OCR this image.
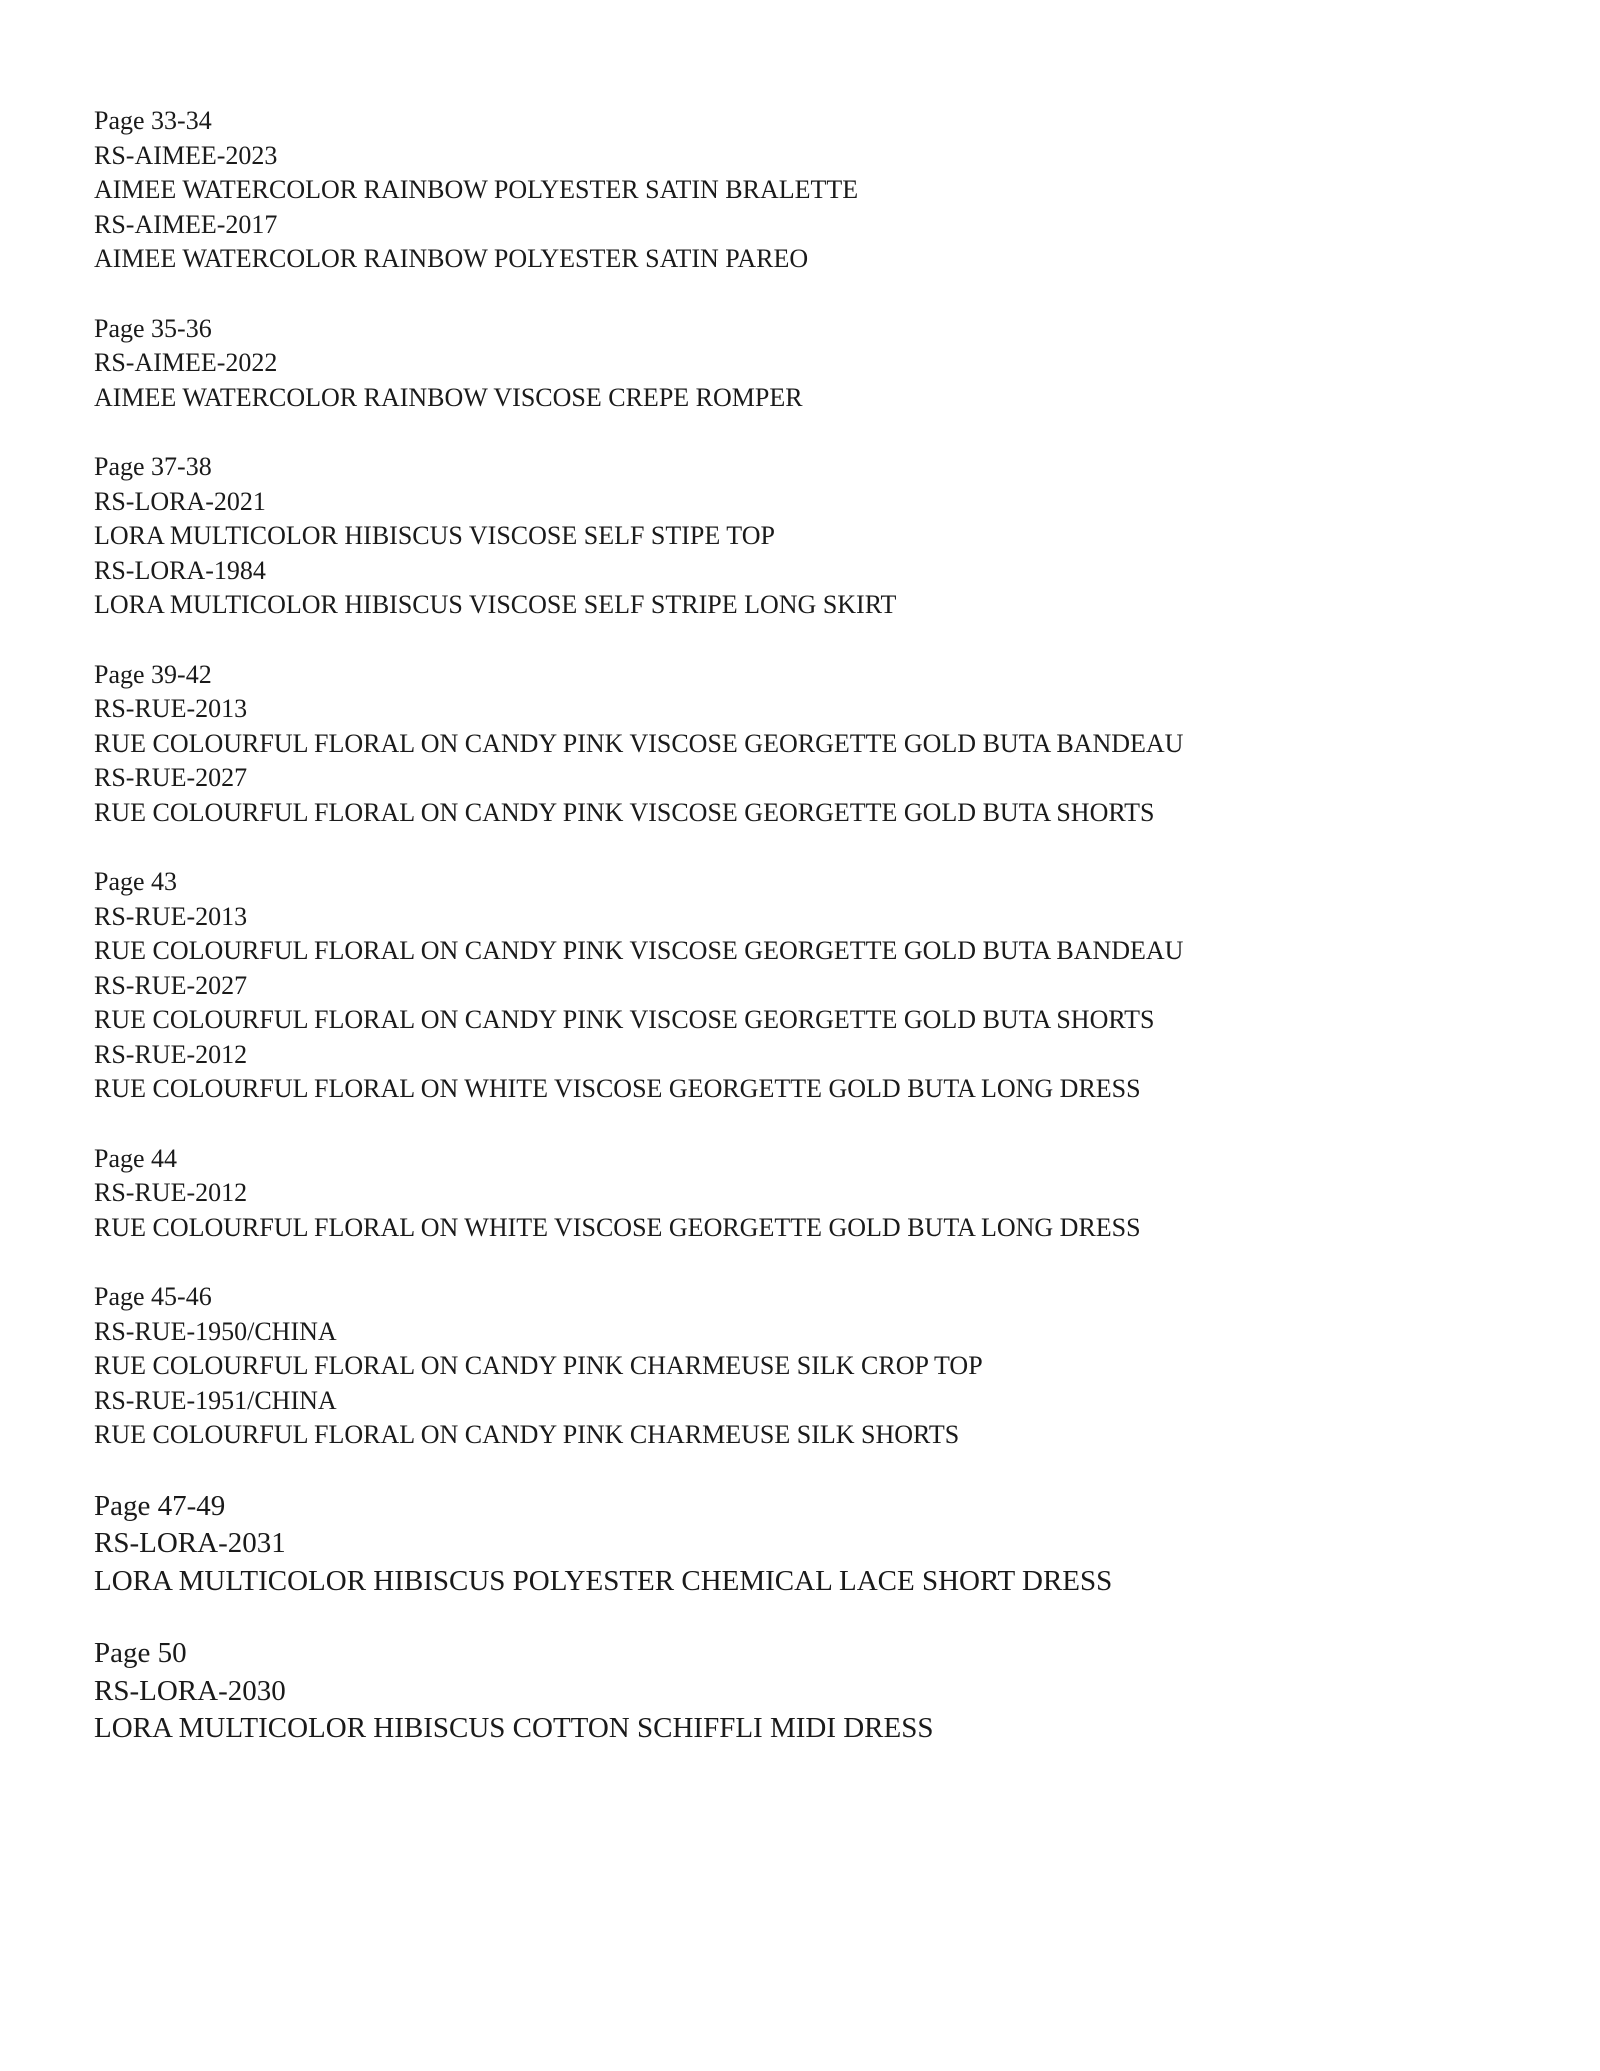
Page 33-34
RS-AIMEE-2023
AIMEE WATERCOLOR RAINBOW POLYESTER SATIN BRALETTE
RS-AIMEE-2017
AIMEE WATERCOLOR RAINBOW POLYESTER SATIN PAREO
Page 35-36
RS-AIMEE-2022
AIMEE WATERCOLOR RAINBOW VISCOSE CREPE ROMPER
Page 37-38
RS-LORA-2021
LORA MULTICOLOR HIBISCUS VISCOSE SELF STIPE TOP
RS-LORA-1984
LORA MULTICOLOR HIBISCUS VISCOSE SELF STRIPE LONG SKIRT
Page 39-42
RS-RUE-2013
RUE COLOURFUL FLORAL ON CANDY PINK VISCOSE GEORGETTE GOLD BUTA BANDEAU
RS-RUE-2027
RUE COLOURFUL FLORAL ON CANDY PINK VISCOSE GEORGETTE GOLD BUTA SHORTS
Page 43
RS-RUE-2013
RUE COLOURFUL FLORAL ON CANDY PINK VISCOSE GEORGETTE GOLD BUTA BANDEAU
RS-RUE-2027
RUE COLOURFUL FLORAL ON CANDY PINK VISCOSE GEORGETTE GOLD BUTA SHORTS
RS-RUE-2012
RUE COLOURFUL FLORAL ON WHITE VISCOSE GEORGETTE GOLD BUTA LONG DRESS
Page 44
RS-RUE-2012
RUE COLOURFUL FLORAL ON WHITE VISCOSE GEORGETTE GOLD BUTA LONG DRESS
Page 45-46
RS-RUE-1950/CHINA
RUE COLOURFUL FLORAL ON CANDY PINK CHARMEUSE SILK CROP TOP
RS-RUE-1951/CHINA
RUE COLOURFUL FLORAL ON CANDY PINK CHARMEUSE SILK SHORTS
Page 47-49
RS-LORA-2031
LORA MULTICOLOR HIBISCUS POLYESTER CHEMICAL LACE SHORT DRESS
Page 50
RS-LORA-2030
LORA MULTICOLOR HIBISCUS COTTON SCHIFFLI MIDI DRESS
